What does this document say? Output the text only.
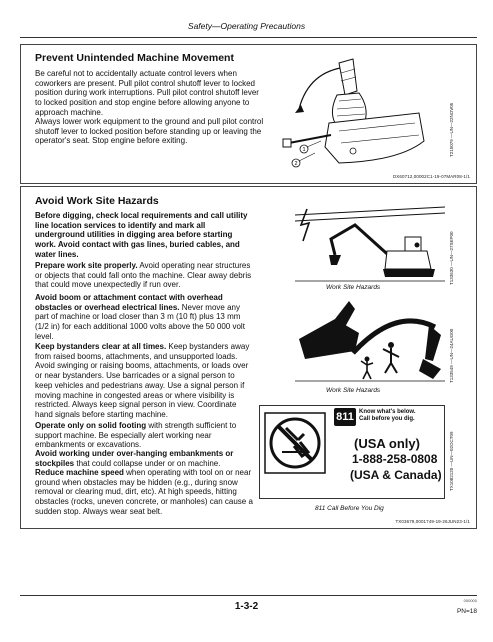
Safety—Operating Precautions
Prevent Unintended Machine Movement
Be careful not to accidentally actuate control levers when coworkers are present. Pull pilot control shutoff lever to locked position during work interruptions. Pull pilot control shutoff lever to locked position and stop engine before allowing anyone to approach machine.
Always lower work equipment to the ground and pull pilot control shutoff lever to locked position before standing up or leaving the operator's seat. Stop engine before exiting.
1
2
T215079 —UN—22NOV05
DX60712,00002C1-19-07MAR08-1/1
Avoid Work Site Hazards
Before digging, check local requirements and call utility line location services to identify and mark all underground utilities in digging area before starting work. Avoid contact with gas lines, buried cables, and water lines.
Prepare work site properly. Avoid operating near structures or objects that could fall onto the machine. Clear away debris that could move unexpectedly if run over.
Avoid boom or attachment contact with overhead obstacles or overhead electrical lines. Never move any part of machine or load closer than 3 m (10 ft) plus 13 mm (1/2 in) for each additional 1000 volts above the 50 000 volt level.
Keep bystanders clear at all times. Keep bystanders away from raised booms, attachments, and unsupported loads. Avoid swinging or raising booms, attachments, or loads over or near bystanders. Use barricades or a signal person to keep vehicles and pedestrians away. Use a signal person if moving machine in congested areas or where visibility is restricted. Always keep signal person in view. Coordinate hand signals before starting machine.
Operate only on solid footing with strength sufficient to support machine. Be especially alert working near embankments or excavations.
Avoid working under over-hanging embankments or stockpiles that could collapse under or on machine.
Reduce machine speed when operating with tool on or near ground when obstacles may be hidden (e.g., during snow removal or clearing mud, dirt, etc). At high speeds, hitting obstacles (rocks, uneven concrete, or manholes) can cause a sudden stop. Always wear seat belt.
Work Site Hazards
T133630 —UN—27SEP00
Work Site Hazards
T133549 —UN—24AUG00
811 Know what's below.
Call before you dig.
(USA only)
1-888-258-0808
(USA & Canada)
811 Call Before You Dig
TX1082120 —UN—02OCT09
TX03679,0001749-19-26JUN23-1/1
1-3-2
000000
PN=18
